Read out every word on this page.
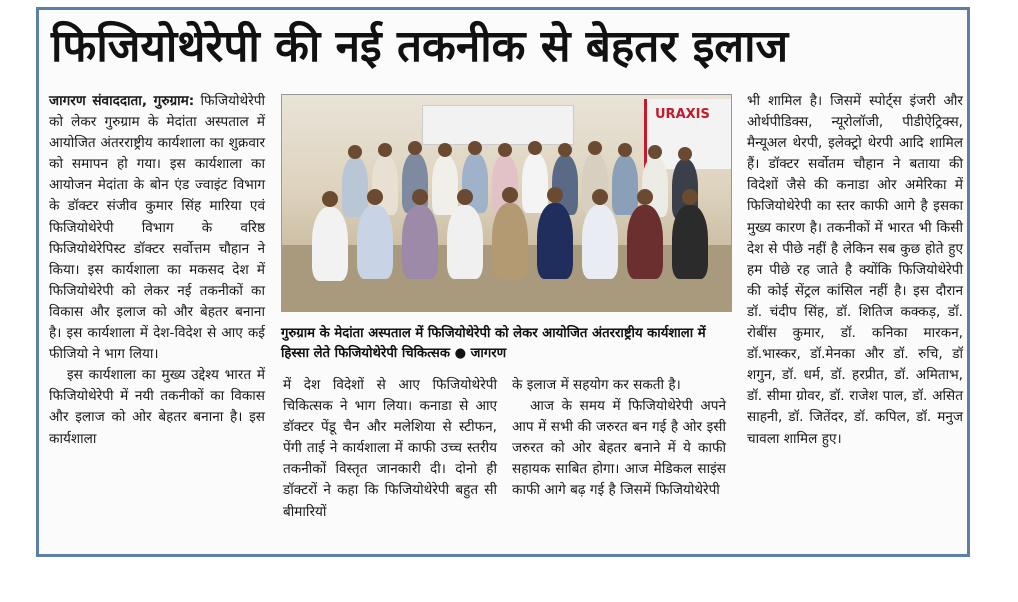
फिजियोथेरेपी की नई तकनीक से बेहतर इलाज

जागरण संवाददाता, गुरुग्राम: फिजियोथेरेपी को लेकर गुरुग्राम के मेदांता अस्पताल में आयोजित अंतरराष्ट्रीय कार्यशाला का शुक्रवार को समापन हो गया। इस कार्यशाला का आयोजन मेदांता के बोन एंड ज्वाइंट विभाग के डॉक्टर संजीव कुमार सिंह मारिया एवं फिजियोथेरेपी विभाग के वरिष्ठ फिजियोथेरेपिस्ट डॉक्टर सर्वोत्तम चौहान ने किया। इस कार्यशाला का मकसद देश में फिजियोथेरेपी को लेकर नई तकनीकों का विकास और इलाज को और बेहतर बनाना है। इस कार्यशाला में देश-विदेश से आए कई फीजियो ने भाग लिया।

इस कार्यशाला का मुख्य उद्देश्य भारत में फिजियोथेरेपी में नयी तकनीकों का विकास और इलाज को ओर बेहतर बनाना है। इस कार्यशाला

URAXIS
गुरुग्राम के मेदांता अस्पताल में फिजियोथेरेपी को लेकर आयोजित अंतरराष्ट्रीय कार्यशाला में हिस्सा लेते फिजियोथेरेपी चिकित्सक ● जागरण

में देश विदेशों से आए फिजियोथेरेपी चिकित्सक ने भाग लिया। कनाडा से आए डॉक्टर पेंडू चैन और मलेशिया से स्टीफन, पेंगी ताई ने कार्यशाला में काफी उच्च स्तरीय तकनीकों विस्तृत जानकारी दी। दोनो ही डॉक्टरों ने कहा कि फिजियोथेरेपी बहुत सी बीमारियों

के इलाज में सहयोग कर सकती है।

आज के समय में फिजियोथेरेपी अपने आप में सभी की जरुरत बन गई है ओर इसी जरुरत को ओर बेहतर बनाने में ये काफी सहायक साबित होगा। आज मेडिकल साइंस काफी आगे बढ़ गई है जिसमें फिजियोथेरेपी

भी शामिल है। जिसमें स्पोर्ट्स इंजरी और ओर्थपीडिक्स, न्यूरोलॉजी, पीडीऐट्रिक्स, मैन्यूअल थेरपी, इलेक्ट्रो थेरपी आदि शामिल हैं। डॉक्टर सर्वोतम चौहान ने बताया की विदेशों जैसे की कनाडा ओर अमेरिका में फिजियोथेरेपी का स्तर काफी आगे है इसका मुख्य कारण है। तकनीकों में भारत भी किसी देश से पीछे नहीं है लेकिन सब कुछ होते हुए हम पीछे रह जाते है क्योंकि फिजियोथेरेपी की कोई सेंट्रल कांसिल नहीं है। इस दौरान डॉ. चंदीप सिंह, डॉ. शितिज कक्कड़, डॉ. रोबींस कुमार, डॉ. कनिका मारकन, डॉ.भास्कर, डॉ.मेनका और डॉ. रुचि, डॉ शगुन, डॉ. धर्म, डॉ. हरप्रीत, डॉ. अमिताभ, डॉ. सीमा ग्रोवर, डॉ. राजेश पाल, डॉ. असित साहनी, डॉ. जितेंदर, डॉ. कपिल, डॉ. मनुज चावला शामिल हुए।
